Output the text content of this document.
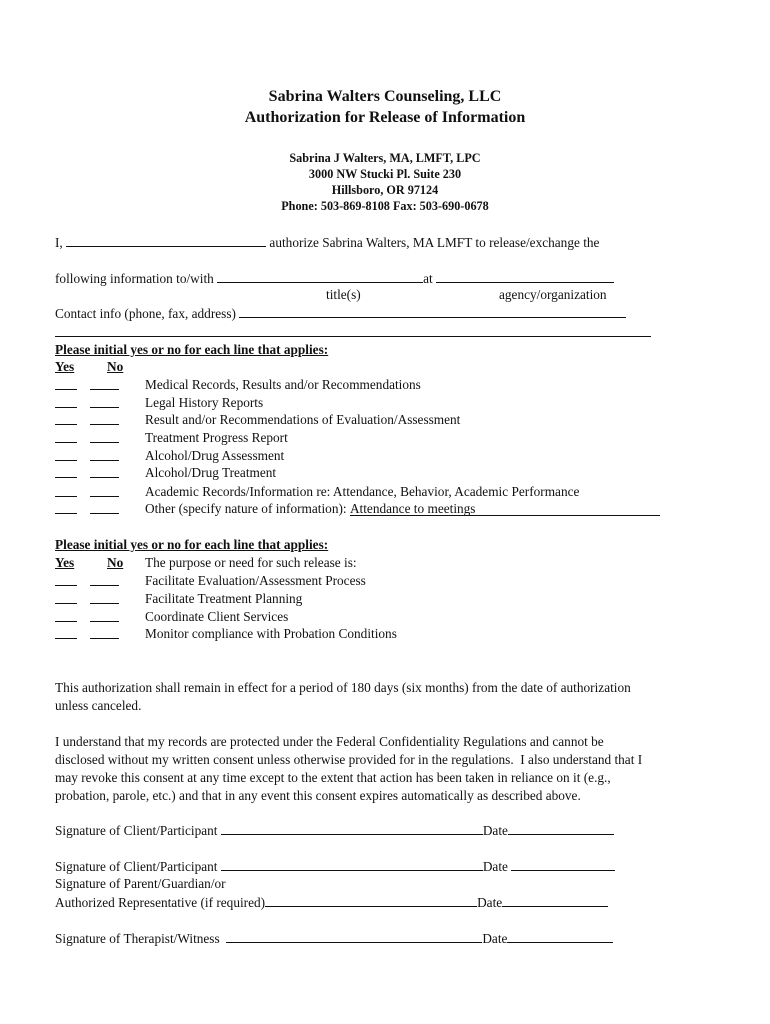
Sabrina Walters Counseling, LLC
Authorization for Release of Information
Sabrina J Walters, MA, LMFT, LPC
3000 NW Stucki Pl. Suite 230
Hillsboro, OR 97124
Phone: 503-869-8108 Fax: 503-690-0678
I,	authorize Sabrina Walters, MA LMFT to release/exchange the
following information to/with	at
title(s)	agency/organization
Contact info (phone, fax, address)
Please initial yes or no for each line that applies:
Yes No

Medical Records, Results and/or Recommendations

Legal History Reports

Result and/or Recommendations of Evaluation/Assessment

Treatment Progress Report

Alcohol/Drug Assessment

Alcohol/Drug Treatment

Academic Records/Information re: Attendance, Behavior, Academic Performance

Other (specify nature of information): Attendance to meetings
Please initial yes or no for each line that applies:
Yes No The purpose or need for such release is:

Facilitate Evaluation/Assessment Process

Facilitate Treatment Planning

Coordinate Client Services

Monitor compliance with Probation Conditions
This authorization shall remain in effect for a period of 180 days (six months) from the date of authorization
unless canceled.
I understand that my records are protected under the Federal Confidentiality Regulations and cannot be
disclosed without my written consent unless otherwise provided for in the regulations.  I also understand that I
may revoke this consent at any time except to the extent that action has been taken in reliance on it (e.g.,
probation, parole, etc.) and that in any event this consent expires automatically as described above.
Signature of Client/Participant	Date
Signature of Client/Participant	Date
Signature of Parent/Guardian/or
Authorized Representative (if required)	Date
Signature of Therapist/Witness	Date
